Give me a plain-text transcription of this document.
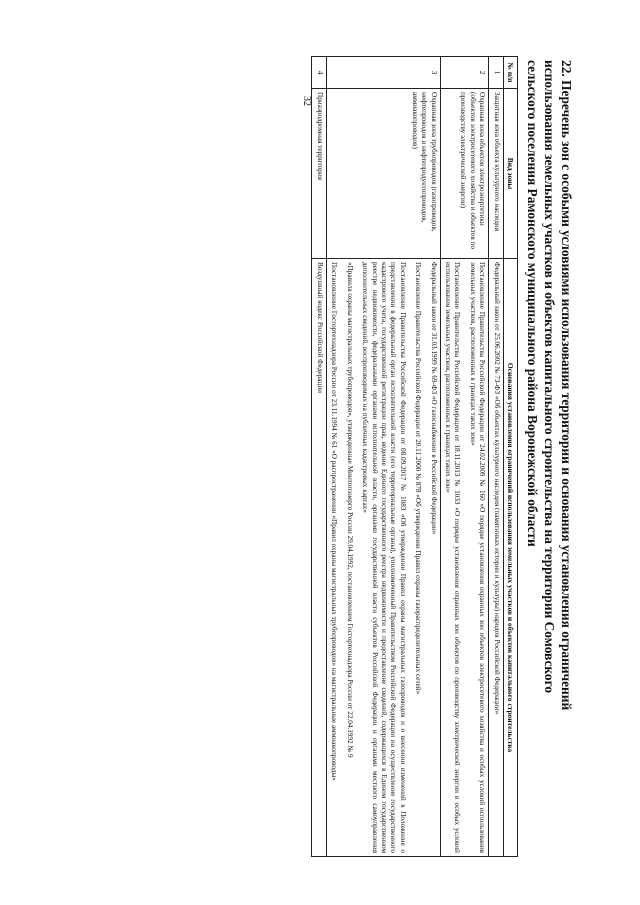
32	22. Перечень зон с особыми условиями использования территории и основания установления ограничений
использования земельных участков и объектов капитального строительства на территории Сомовского
сельского поселения Рамонского муниципального района Воронежской области
№ п/п	Вид зоны	Основания установления ограничений использования земельных участков и объектов капитального строительства
1	Защитная зона объекта культурного наследия	Федеральный закон от 25.06.2002 № 73-ФЗ «Об объектах культурного наследия (памятниках истории и культуры) народов Российской Федерации»

2	Охранная зона объектов электроэнергетики (объектов электросетевого хозяйства и объектов по производству электрической энергии)	Постановление Правительства Российской Федерации от 24.02.2009 № 160 «О порядке установления охранных зон объектов электросетевого хозяйства и особых условий использования земельных участков, расположенных в границах таких зон»

Постановление Правительства Российской Федерации от 18.11.2013 № 1033 «О порядке установления охранных зон объектов по производству электрической энергии и особых условий использования земельных участков, расположенных в границах таких зон»

3	Охранная зона трубопроводов (газопроводов, нефтепроводов и нефтепродуктопроводов, аммиакопроводов)	Федеральный закон от 31.03.1999 № 69-ФЗ «О газоснабжении в Российской Федерации»

Постановление Правительства Российской Федерации от 20.11.2000 № 878 «Об утверждении Правил охраны газораспределительных сетей»

Постановление Правительства Российской Федерации от 08.09.2017 № 1083 «Об утверждении Правил охраны магистральных газопроводов и о внесении изменений в Положение о представлении в федеральный орган исполнительной власти (его территориальные органы), уполномоченный Правительством Российской Федерации на осуществление государственного кадастрового учета, государственной регистрации прав, ведение Единого государственного реестра недвижимости и предоставление сведений, содержащихся в Едином государственном реестре недвижимости, федеральными органами исполнительной власти, органами государственной власти субъектов Российской Федерации и органами местного самоуправления дополнительных сведений, воспроизводимых на публичных кадастровых картах»

«Правила охраны магистральных трубопроводов», утвержденные Минтопэнерго России 29.04.1992, постановлением Госгортехнадзора России от 22.04.1992 № 9

Постановление Госгортехнадзора России от 23.11.1994 № 61 «О распространении «Правил охраны магистральных трубопроводов» на магистральные аммиакопроводы»

4	Приаэродромная территория	Воздушный кодекс Российской Федерации
